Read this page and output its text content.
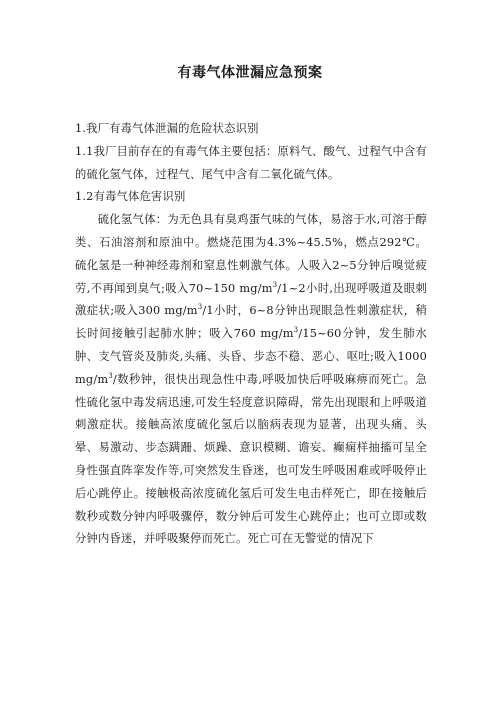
有毒气体泄漏应急预案

1.我厂有毒气体泄漏的危险状态识别

1.1我厂目前存在的有毒气体主要包括：原料气、酸气、过程气中含有的硫化氢气体，过程气、尾气中含有二氧化硫气体。

1.2有毒气体危害识别

硫化氢气体：为无色具有臭鸡蛋气味的气体，易溶于水,可溶于醇类、石油溶剂和原油中。燃烧范围为4.3%~45.5%，燃点292℃。硫化氢是一种神经毒剂和窒息性刺激气体。人吸入2~5分钟后嗅觉疲劳,不再闻到臭气;吸入70~150 $mg/m^3/1\sim 2$小时,出现呼吸道及眼刺激症状;吸入300 $mg/m^3/1$小时，6~8分钟出现眼急性刺激症状，稍长时间接触引起肺水肿；吸入760 $mg/m^3/15\sim 60$分钟，发生肺水肿、支气管炎及肺炎,头痛、头昏、步态不稳、恶心、呕吐;吸入1000 $mg/m^3/$数秒钟，很快出现急性中毒,呼吸加快后呼吸麻痹而死亡。急性硫化氢中毒发病迅速,可发生轻度意识障碍，常先出现眼和上呼吸道刺激症状。接触高浓度硫化氢后以脑病表现为显著，出现头痛、头晕、易激动、步态蹒跚、烦躁、意识模糊、谵妄、癫痫样抽搐可呈全身性强直阵挛发作等,可突然发生昏迷，也可发生呼吸困难或呼吸停止后心跳停止。接触极高浓度硫化氢后可发生电击样死亡，即在接触后数秒或数分钟内呼吸骤停，数分钟后可发生心跳停止；也可立即或数分钟内昏迷，并呼吸聚停而死亡。死亡可在无警觉的情况下
